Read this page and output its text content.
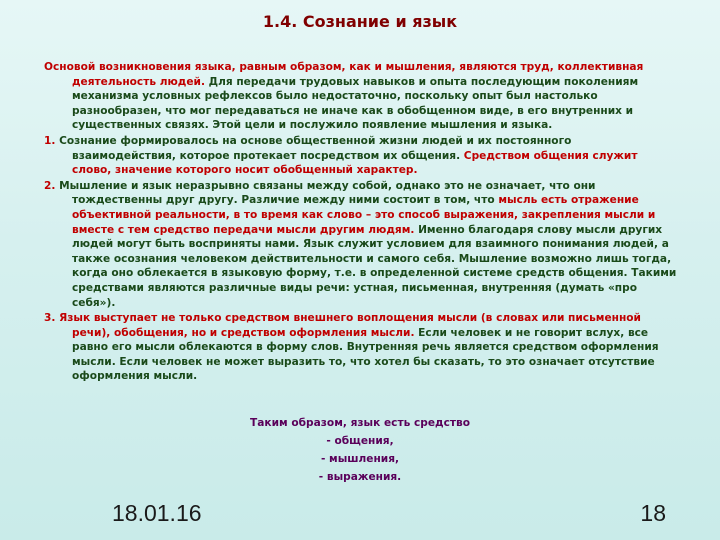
1.4. Сознание и язык

Основой возникновения языка, равным образом, как и мышления, являются труд, коллективная деятельность людей. Для передачи трудовых навыков и опыта последующим поколениям механизма условных рефлексов было недостаточно, поскольку опыт был настолько разнообразен, что мог передаваться не иначе как в обобщенном виде, в его внутренних и существенных связях. Этой цели и послужило появление мышления и языка.

1. Сознание формировалось на основе общественной жизни людей и их постоянного взаимодействия, которое протекает посредством их общения. Средством общения служит слово, значение которого носит обобщенный характер.

2. Мышление и язык неразрывно связаны между собой, однако это не означает, что они тождественны друг другу. Различие между ними состоит в том, что мысль есть отражение объективной реальности, в то время как слово – это способ выражения, закрепления мысли и вместе с тем средство передачи мысли другим людям. Именно благодаря слову мысли других людей могут быть восприняты нами. Язык служит условием для взаимного понимания людей, а также осознания человеком действительности и самого себя. Мышление возможно лишь тогда, когда оно облекается в языковую форму, т.е. в определенной системе средств общения. Такими средствами являются различные виды речи: устная, письменная, внутренняя (думать «про себя»).

3. Язык выступает не только средством внешнего воплощения мысли (в словах или письменной речи), обобщения, но и средством оформления мысли. Если человек и не говорит вслух, все равно его мысли облекаются в форму слов. Внутренняя речь является средством оформления мысли. Если человек не может выразить то, что хотел бы сказать, то это означает отсутствие оформления мысли.

Таким образом, язык есть средство
- общения,
- мышления,
- выражения.
18.01.16	18
